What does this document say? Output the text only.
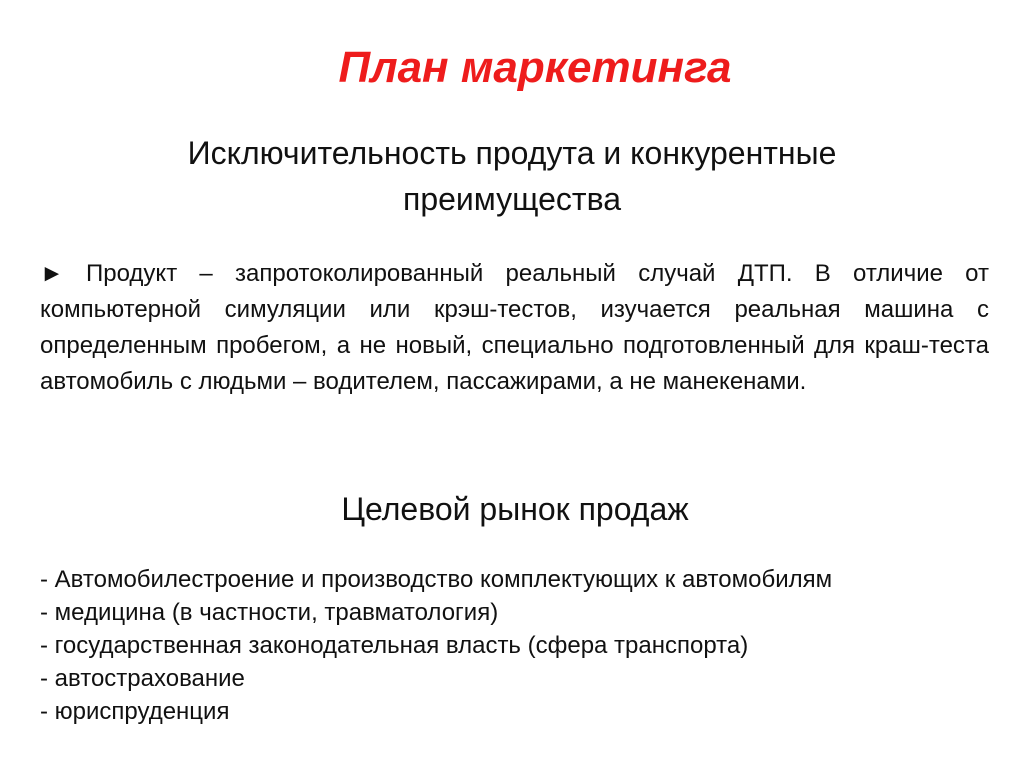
План маркетинга
Исключительность продута и конкурентные
преимущества
► Продукт – запротоколированный реальный случай ДТП. В отличие от компьютерной симуляции или крэш-тестов, изучается реальная машина с определенным пробегом, а не новый, специально подготовленный для краш-теста автомобиль с людьми – водителем, пассажирами, а не манекенами.
Целевой рынок продаж
- Автомобилестроение и производство комплектующих к автомобилям
- медицина (в частности, травматология)
- государственная законодательная власть (сфера транспорта)
- автострахование
- юриспруденция
